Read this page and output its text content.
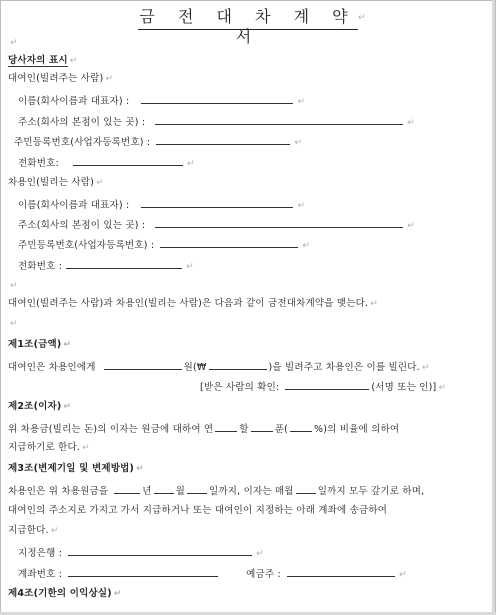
금 전 대 차 계 약 서
↵
↵
당사자의 표시 ↵
대여인(빌려주는 사람) ↵
이름(회사이름과 대표자) :	↵
주소(회사의 본점이 있는 곳) :	↵
주민등록번호(사업자등록번호) :	↵
전화번호:	↵
차용인(빌리는 사람) ↵
이름(회사이름과 대표자) :	↵
주소(회사의 본점이 있는 곳) :	↵
주민등록번호(사업자등록번호) :	↵
전화번호 :	↵
↵
대여인(빌려주는 사람)과 차용인(빌리는 사람)은 다음과 같이 금전대차계약을 맺는다. ↵
↵
제1조(금액) ↵
대여인은 차용인에게	원(₩	)을 빌려주고 차용인은 이를 빌린다. ↵
[받은 사람의 확인:	(서명 또는 인)] ↵
제2조(이자) ↵
위 차용금(빌리는 돈)의 이자는 원금에 대하여 연	할	푼(	%)의 비율에 의하여
지급하기로 한다. ↵
제3조(변제기일 및 변제방법) ↵
차용인은 위 차용원금을	년	월	일까지, 이자는 매월	일까지 모두 갚기로 하며,
대여인의 주소지로 가지고 가서 지급하거나 또는 대여인이 지정하는 아래 계좌에 송금하여
지급한다. ↵
지정은행 :	↵
계좌번호 :	예금주 :	↵
제4조(기한의 이익상실) ↵
